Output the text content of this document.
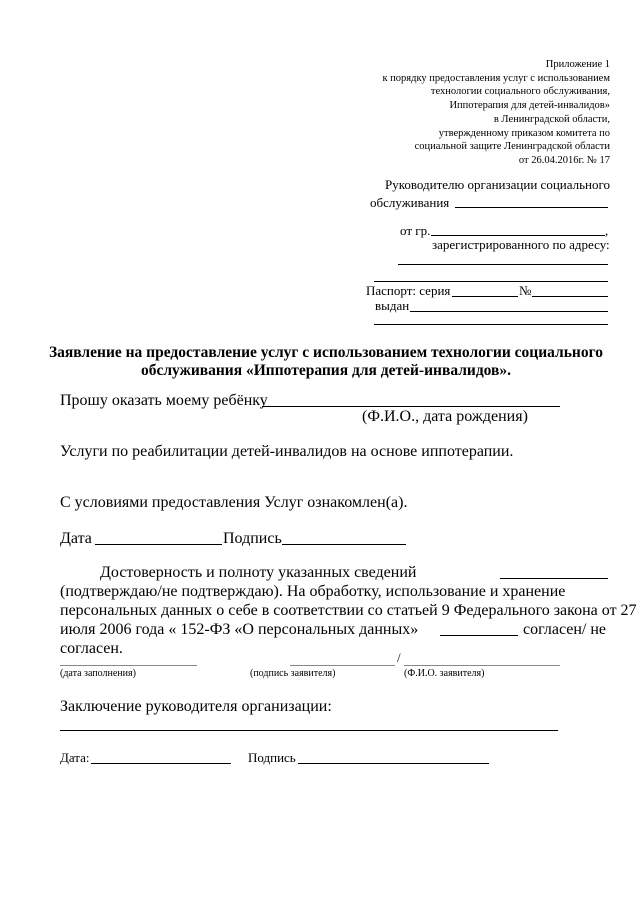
Приложение 1
к порядку предоставления услуг с использованием
технологии социального обслуживания,
Иппотерапия для детей-инвалидов»
в Ленинградской области,
утвержденному приказом комитета по
социальной защите Ленинградской области
от 26.04.2016г. № 17
Руководителю организации социального
обслуживания
от гр.	,
зарегистрированного по адресу:
Паспорт: серия	№
выдан
Заявление на предоставление услуг с использованием технологии социального
обслуживания «Иппотерапия для детей-инвалидов».
Прошу оказать моему ребёнку
(Ф.И.О., дата рождения)
Услуги по реабилитации детей-инвалидов на основе иппотерапии.
С условиями предоставления Услуг ознакомлен(а).
Дата	Подпись
Достоверность и полноту указанных сведений
(подтверждаю/не подтверждаю). На обработку, использование и хранение
персональных данных о себе в соответствии со статьей 9 Федерального закона от 27
июля 2006 года « 152-ФЗ «О персональных данных»	согласен/ не
согласен.
/
(дата заполнения)	(подпись заявителя)	(Ф.И.О. заявителя)
Заключение руководителя организации:
Дата:	Подпись
